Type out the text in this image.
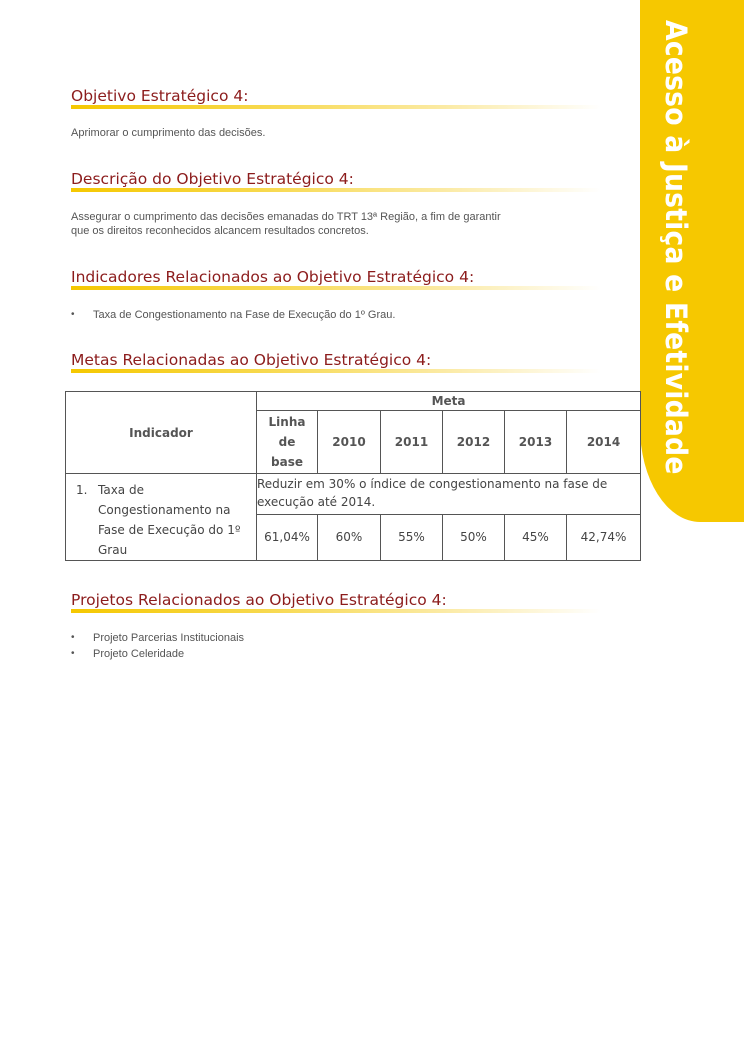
Acesso à Justiça e Efetividade
Objetivo Estratégico 4:

Aprimorar o cumprimento das decisões.

Descrição do Objetivo Estratégico 4:

Assegurar o cumprimento das decisões emanadas do TRT 13ª Região, a fim de garantir
que os direitos reconhecidos alcancem resultados concretos.

Indicadores Relacionados ao Objetivo Estratégico 4:
• Taxa de Congestionamento na Fase de Execução do 1º Grau.
Metas Relacionadas ao Objetivo Estratégico 4:
Indicador	Meta					
	Linha
de
base	2010	2011	2012	2013	2014
1. Taxa de
Congestionamento na
Fase de Execução do 1º
Grau	Reduzir em 30% o índice de congestionamento na fase de
execução até 2014.					
	61,04%	60%	55%	50%	45%	42,74%
Projetos Relacionados ao Objetivo Estratégico 4:
• Projeto Parcerias Institucionais
• Projeto Celeridade
